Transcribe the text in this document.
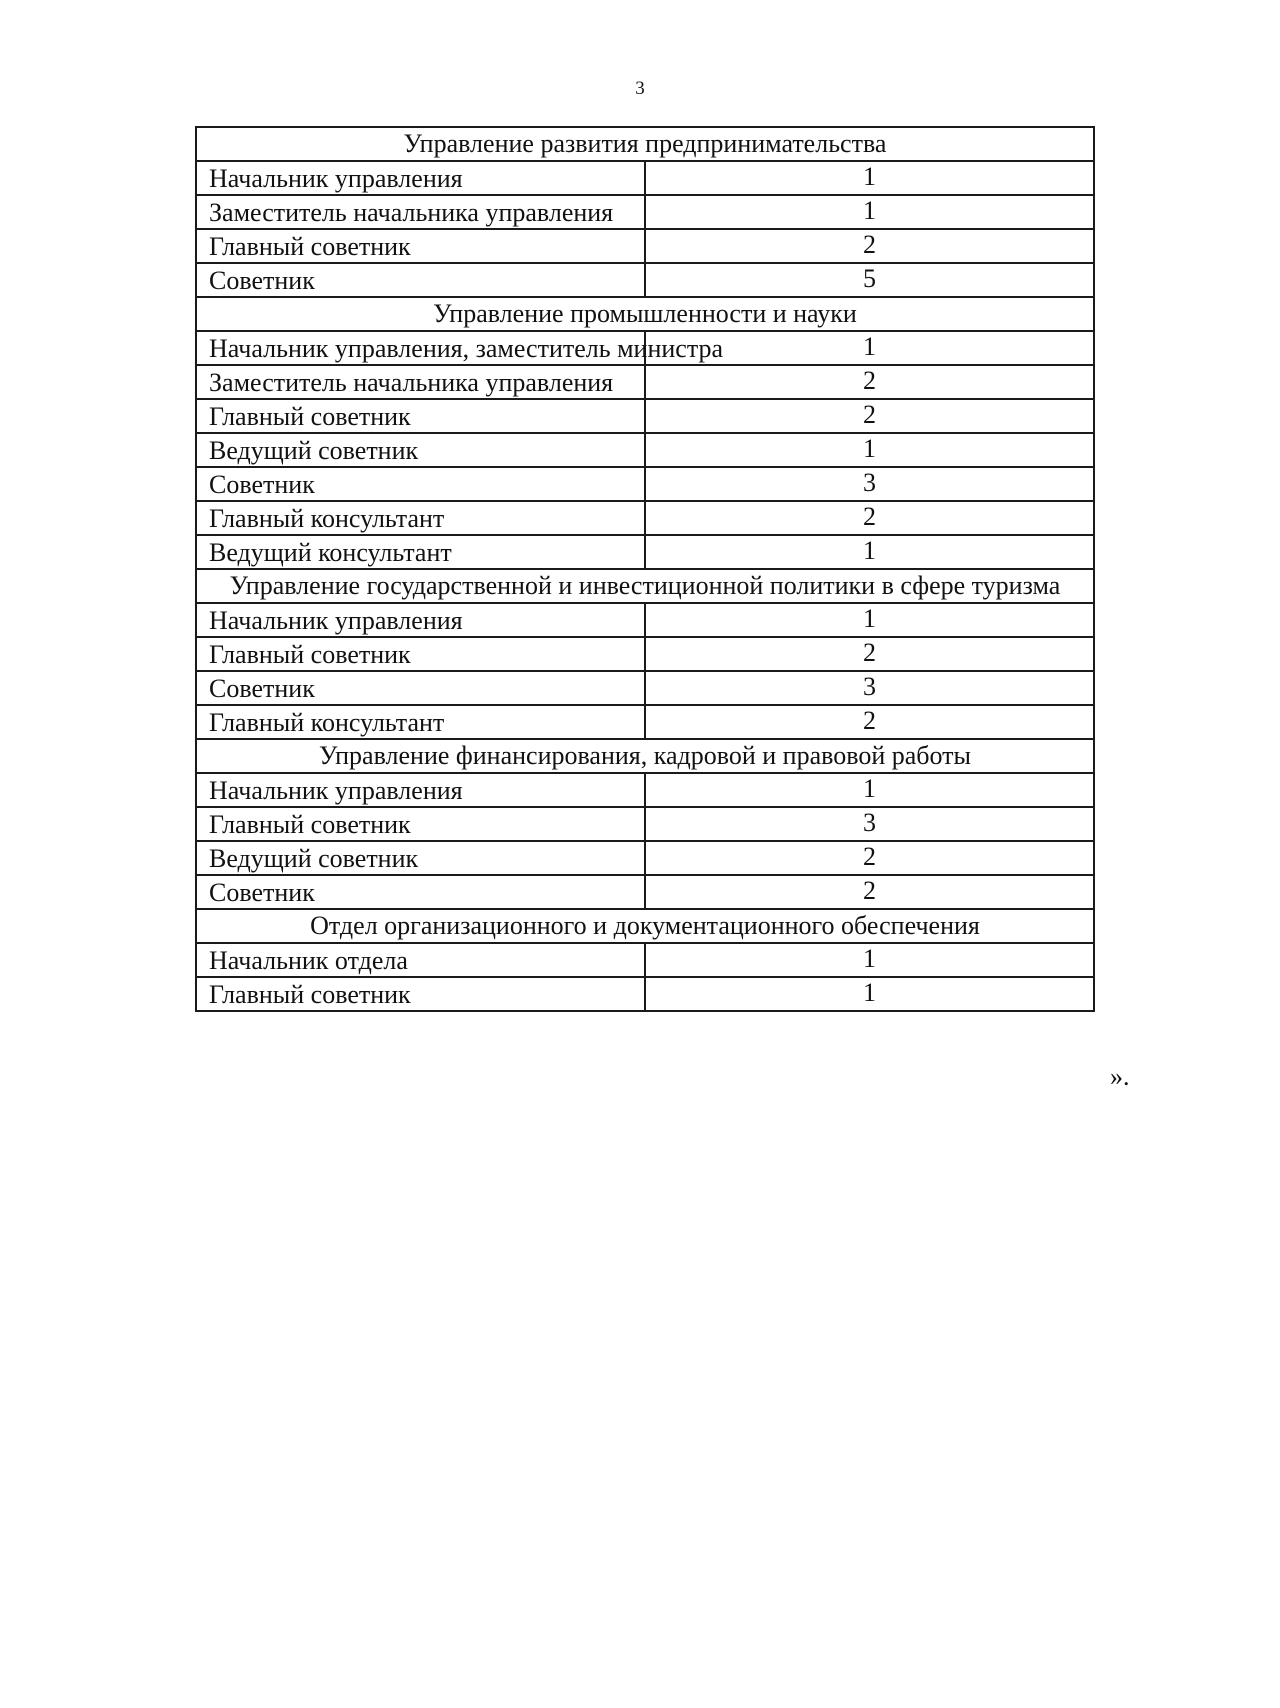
3
Управление развития предпринимательства	
Начальник управления	1
Заместитель начальника управления	1
Главный советник	2
Советник	5
Управление промышленности и науки	
Начальник управления, заместитель министра	1
Заместитель начальника управления	2
Главный советник	2
Ведущий советник	1
Советник	3
Главный консультант	2
Ведущий консультант	1
Управление государственной и инвестиционной политики в сфере туризма	
Начальник управления	1
Главный советник	2
Советник	3
Главный консультант	2
Управление финансирования, кадровой и правовой работы	
Начальник управления	1
Главный советник	3
Ведущий советник	2
Советник	2
Отдел организационного и документационного обеспечения	
Начальник отдела	1
Главный советник	1
».
